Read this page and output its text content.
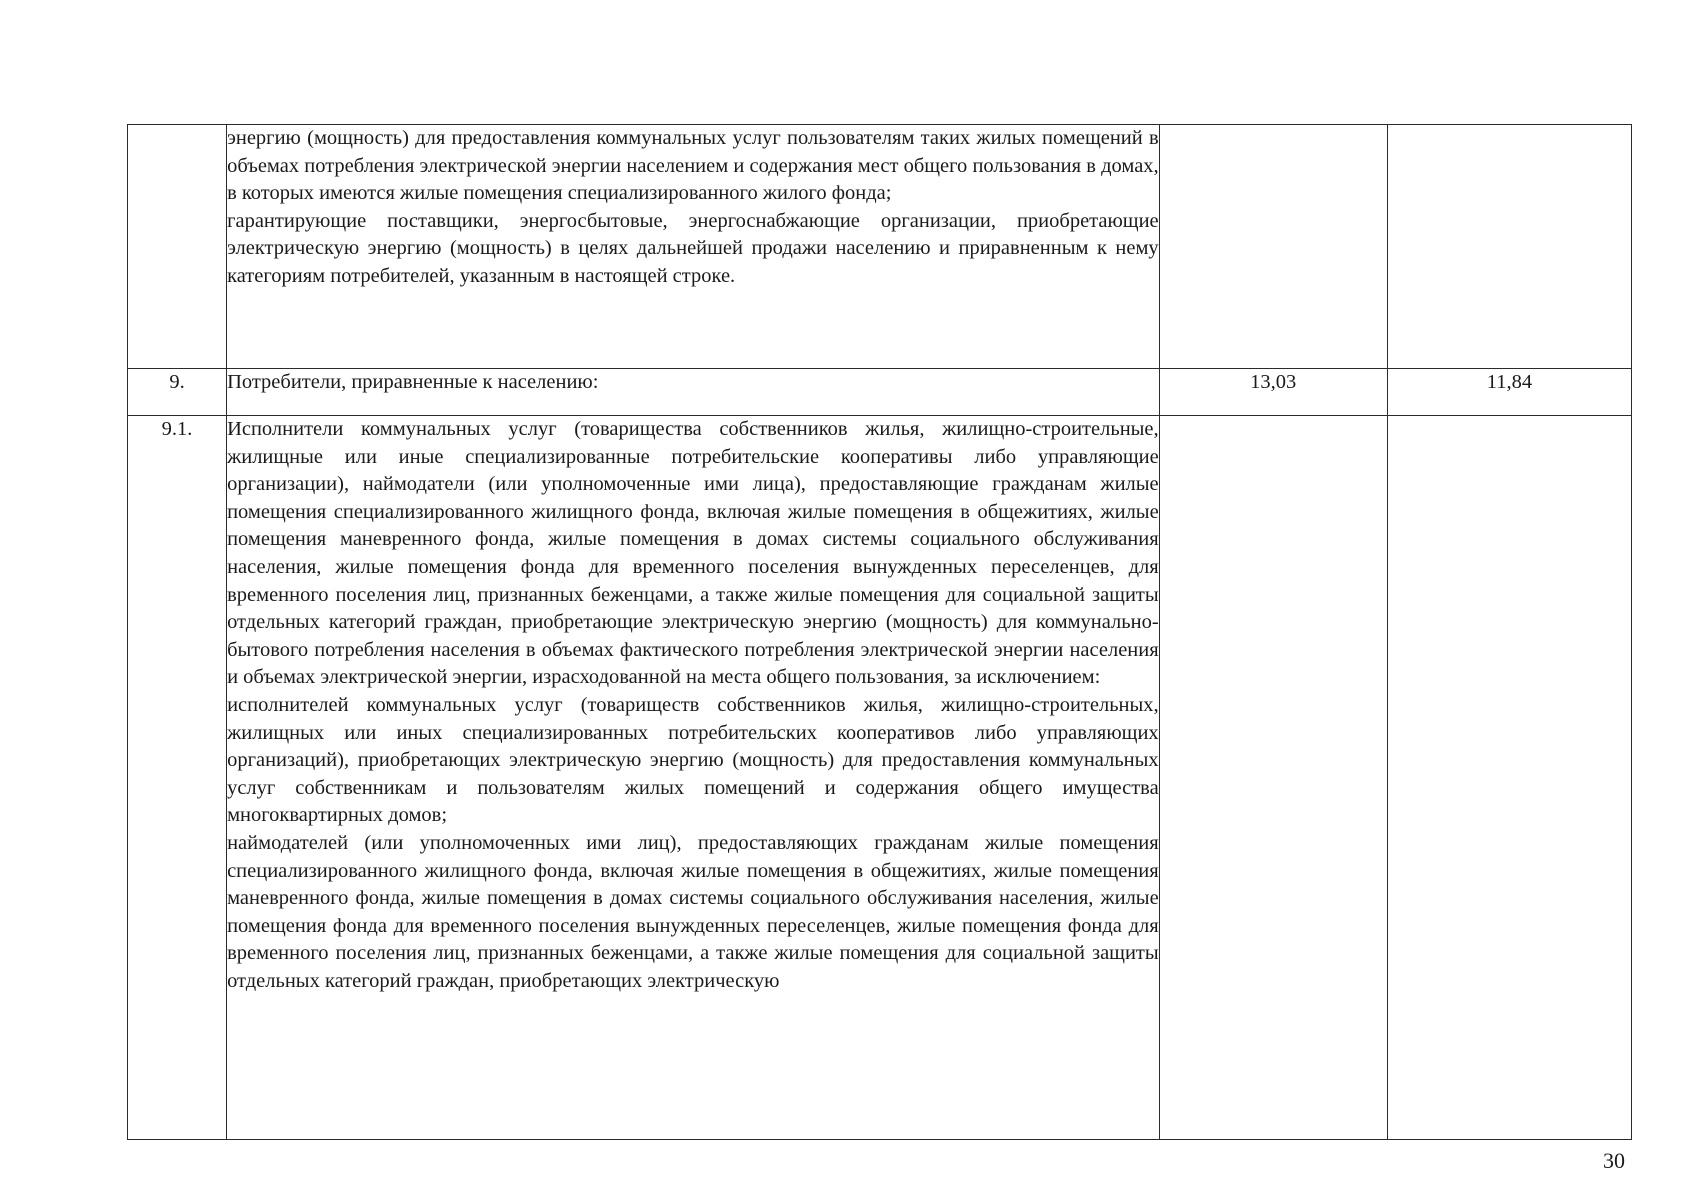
	энергию (мощность) для предоставления коммунальных услуг пользователям таких жилых помещений в объемах потребления электрической энергии населением и содержания мест общего пользования в домах, в которых имеются жилые помещения специализированного жилого фонда;
гарантирующие поставщики, энергосбытовые, энергоснабжающие организации, приобретающие электрическую энергию (мощность) в целях дальнейшей продажи населению и приравненным к нему категориям потребителей, указанным в настоящей строке.		

9.	Потребители, приравненные к населению:	13,03	11,84
9.1.	Исполнители коммунальных услуг (товарищества собственников жилья, жилищно-строительные, жилищные или иные специализированные потребительские кооперативы либо управляющие организации), наймодатели (или уполномоченные ими лица), предоставляющие гражданам жилые помещения специализированного жилищного фонда, включая жилые помещения в общежитиях, жилые помещения маневренного фонда, жилые помещения в домах системы социального обслуживания населения, жилые помещения фонда для временного поселения вынужденных переселенцев, для временного поселения лиц, признанных беженцами, а также жилые помещения для социальной защиты отдельных категорий граждан, приобретающие электрическую энергию (мощность) для коммунально-бытового потребления населения в объемах фактического потребления электрической энергии населения и объемах электрической энергии, израсходованной на места общего пользования, за исключением:
исполнителей коммунальных услуг (товариществ собственников жилья, жилищно-строительных, жилищных или иных специализированных потребительских кооперативов либо управляющих организаций), приобретающих электрическую энергию (мощность) для предоставления коммунальных услуг собственникам и пользователям жилых помещений и содержания общего имущества многоквартирных домов;
наймодателей (или уполномоченных ими лиц), предоставляющих гражданам жилые помещения специализированного жилищного фонда, включая жилые помещения в общежитиях, жилые помещения маневренного фонда, жилые помещения в домах системы социального обслуживания населения, жилые помещения фонда для временного поселения вынужденных переселенцев, жилые помещения фонда для временного поселения лиц, признанных беженцами, а также жилые помещения для социальной защиты отдельных категорий граждан, приобретающих электрическую		

30
